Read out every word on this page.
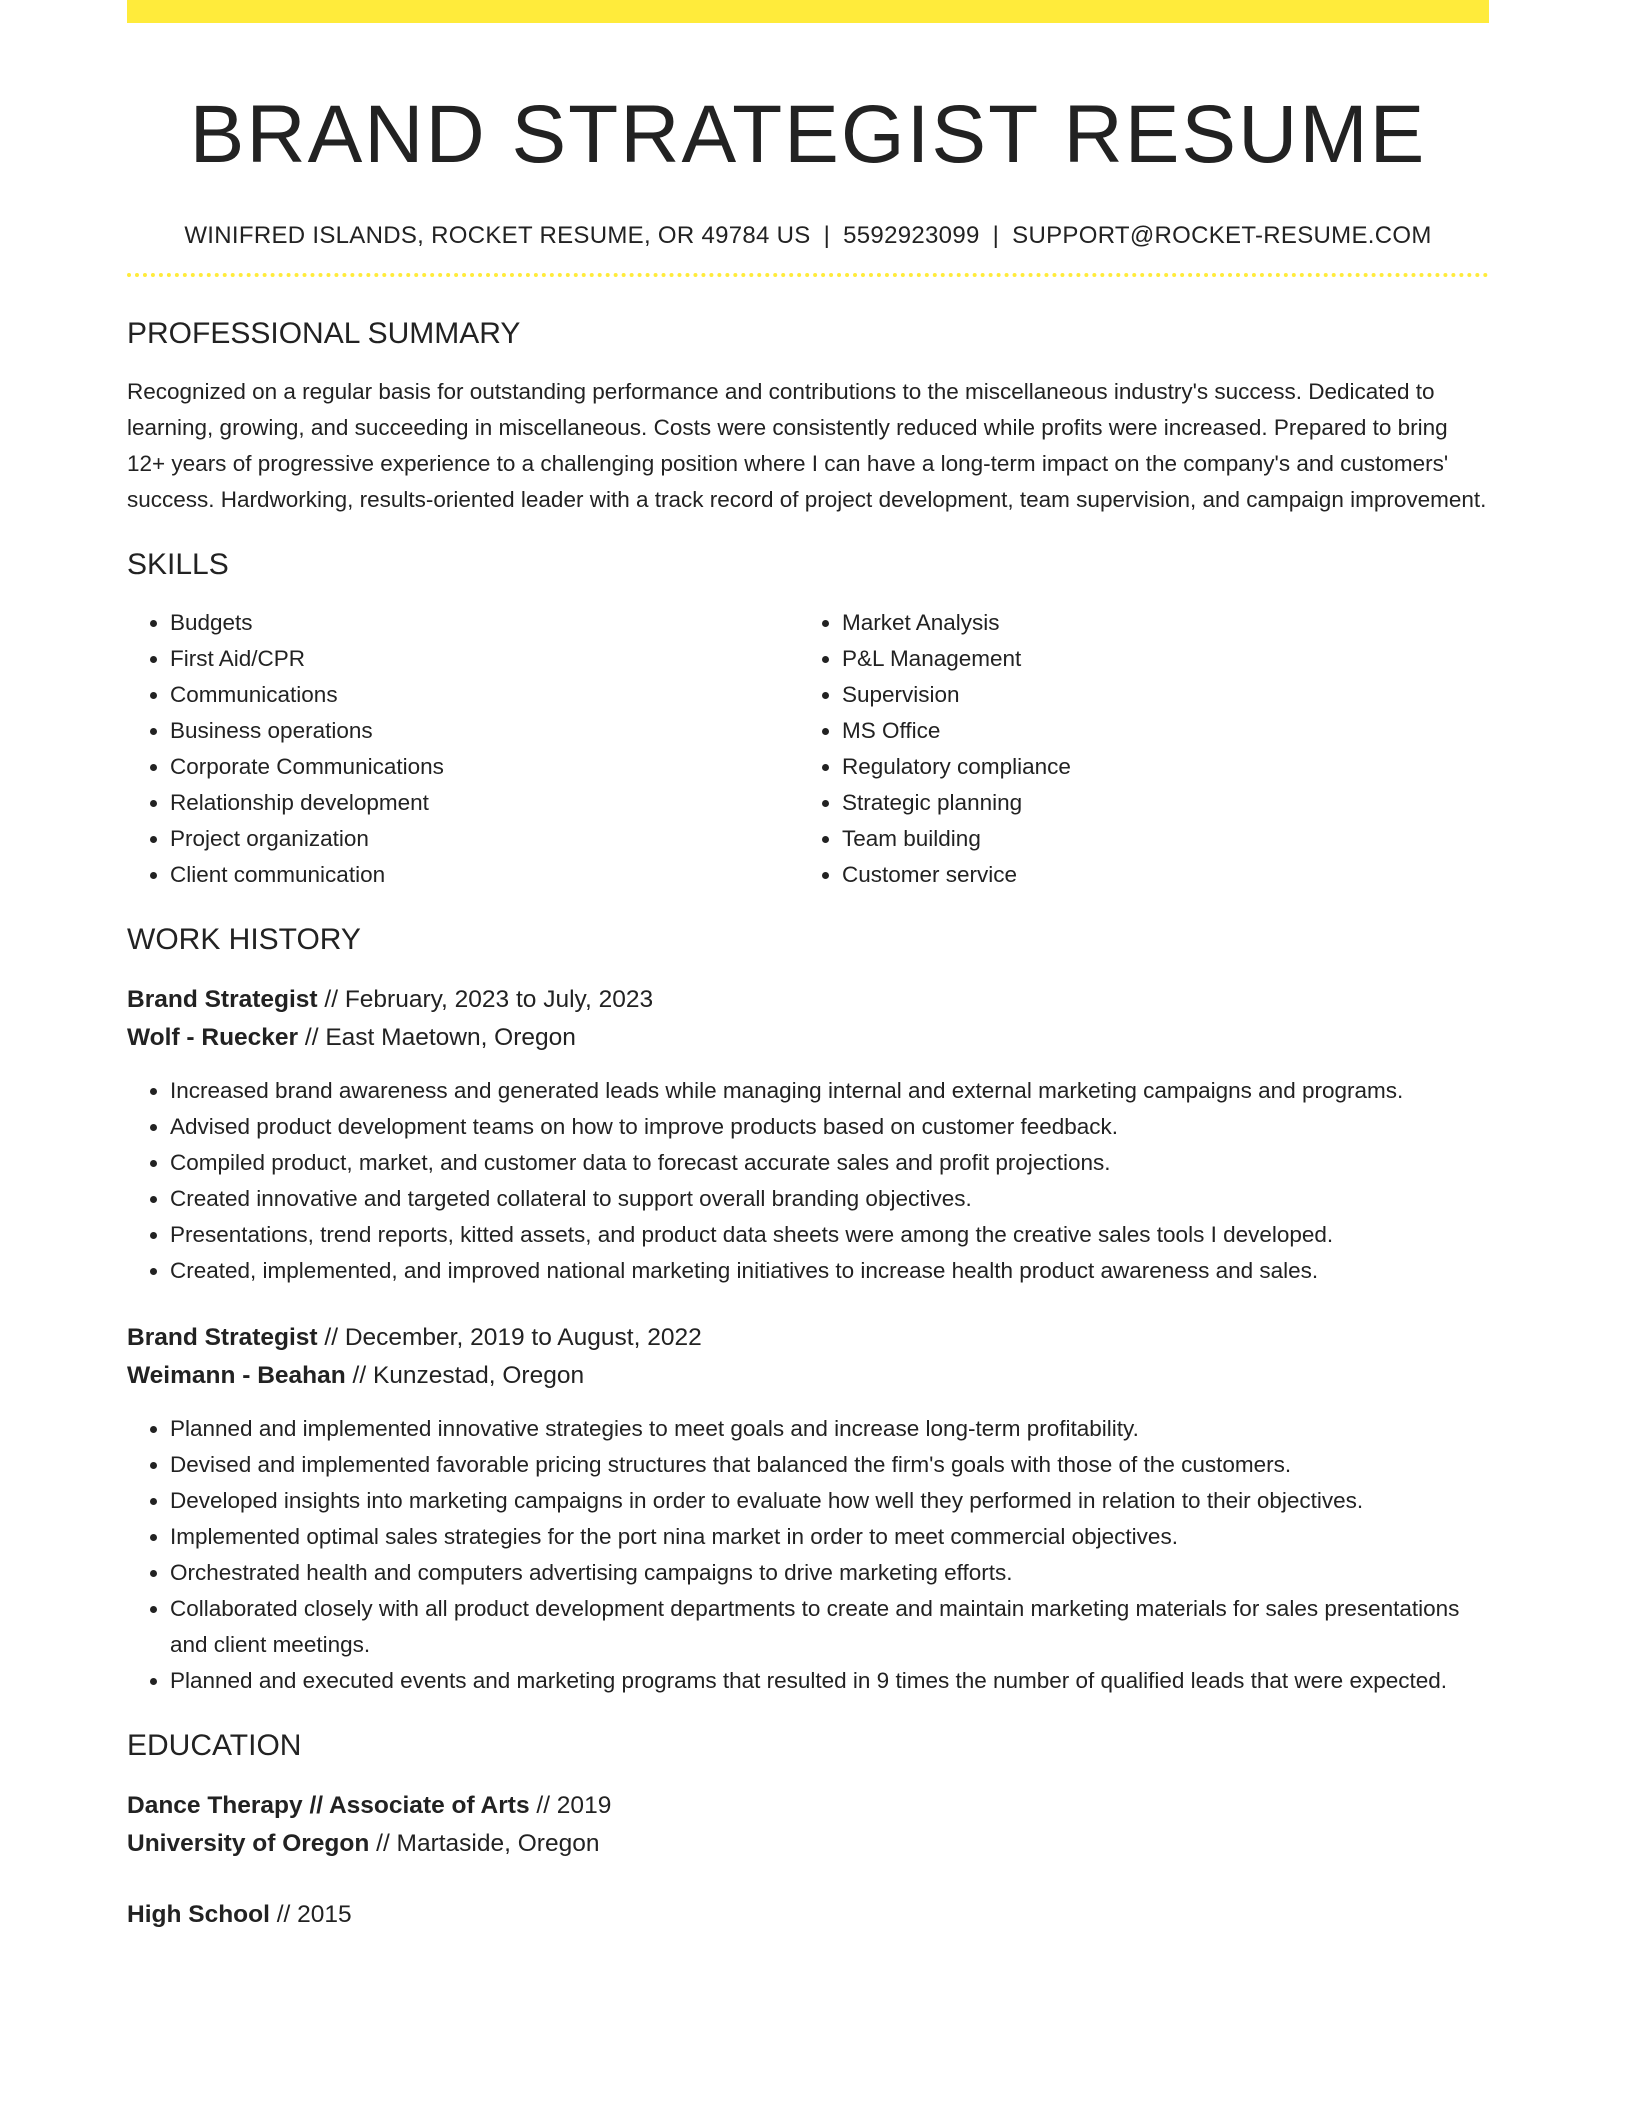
BRAND STRATEGIST RESUME
WINIFRED ISLANDS, ROCKET RESUME, OR 49784 US | 5592923099 | SUPPORT@ROCKET-RESUME.COM
PROFESSIONAL SUMMARY
Recognized on a regular basis for outstanding performance and contributions to the miscellaneous industry's success. Dedicated to learning, growing, and succeeding in miscellaneous. Costs were consistently reduced while profits were increased. Prepared to bring 12+ years of progressive experience to a challenging position where I can have a long-term impact on the company's and customers' success. Hardworking, results-oriented leader with a track record of project development, team supervision, and campaign improvement.
SKILLS
• Budgets
• First Aid/CPR
• Communications
• Business operations
• Corporate Communications
• Relationship development
• Project organization
• Client communication
• Market Analysis
• P&L Management
• Supervision
• MS Office
• Regulatory compliance
• Strategic planning
• Team building
• Customer service
WORK HISTORY
Brand Strategist // February, 2023 to July, 2023
Wolf - Ruecker // East Maetown, Oregon
• Increased brand awareness and generated leads while managing internal and external marketing campaigns and programs.
• Advised product development teams on how to improve products based on customer feedback.
• Compiled product, market, and customer data to forecast accurate sales and profit projections.
• Created innovative and targeted collateral to support overall branding objectives.
• Presentations, trend reports, kitted assets, and product data sheets were among the creative sales tools I developed.
• Created, implemented, and improved national marketing initiatives to increase health product awareness and sales.
Brand Strategist // December, 2019 to August, 2022
Weimann - Beahan // Kunzestad, Oregon
• Planned and implemented innovative strategies to meet goals and increase long-term profitability.
• Devised and implemented favorable pricing structures that balanced the firm's goals with those of the customers.
• Developed insights into marketing campaigns in order to evaluate how well they performed in relation to their objectives.
• Implemented optimal sales strategies for the port nina market in order to meet commercial objectives.
• Orchestrated health and computers advertising campaigns to drive marketing efforts.
• Collaborated closely with all product development departments to create and maintain marketing materials for sales presentations and client meetings.
• Planned and executed events and marketing programs that resulted in 9 times the number of qualified leads that were expected.
EDUCATION
Dance Therapy // Associate of Arts // 2019
University of Oregon // Martaside, Oregon
High School // 2015
